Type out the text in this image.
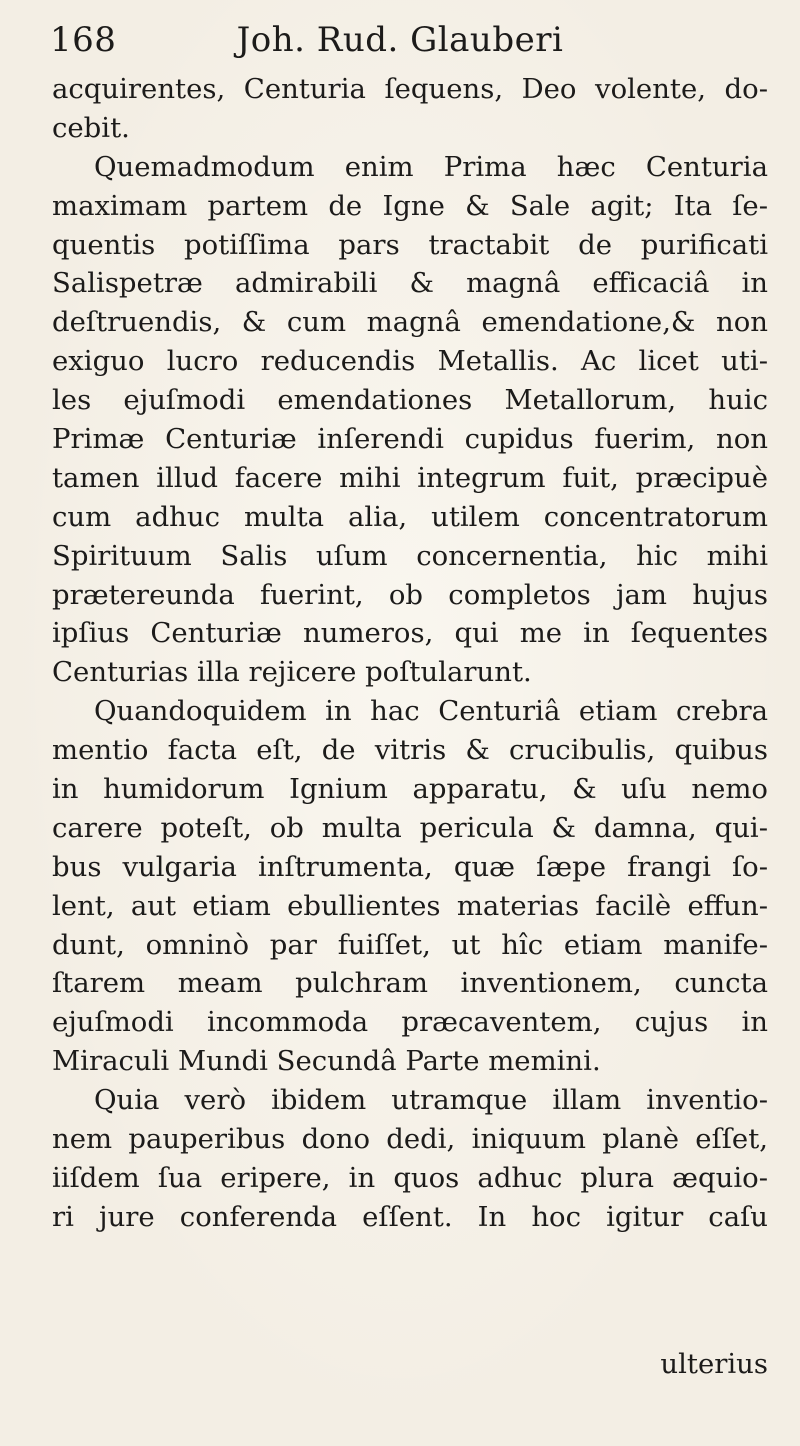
168	Joh. Rud. Glauberi
acquirentes, Centuria ſequens, Deo volente, do-
cebit.
Quemadmodum enim Prima hæc Centuria
maximam partem de Igne & Sale agit; Ita ſe-
quentis potiſſima pars tractabit de purificati
Salispetræ admirabili & magnâ efficaciâ in
deſtruendis, & cum magnâ emendatione,& non
exiguo lucro reducendis Metallis. Ac licet uti-
les ejuſmodi emendationes Metallorum, huic
Primæ Centuriæ inſerendi cupidus fuerim, non
tamen illud facere mihi integrum fuit, præcipuè
cum adhuc multa alia, utilem concentratorum
Spirituum Salis uſum concernentia, hic mihi
prætereunda fuerint, ob completos jam hujus
ipſius Centuriæ numeros, qui me in ſequentes
Centurias illa rejicere poſtularunt.
Quandoquidem in hac Centuriâ etiam crebra
mentio facta eſt, de vitris & crucibulis, quibus
in humidorum Ignium apparatu, & uſu nemo
carere poteſt, ob multa pericula & damna, qui-
bus vulgaria inſtrumenta, quæ ſæpe frangi ſo-
lent, aut etiam ebullientes materias facilè effun-
dunt, omninò par fuiſſet, ut hîc etiam manife-
ſtarem meam pulchram inventionem, cuncta
ejuſmodi incommoda præcaventem, cujus in
Miraculi Mundi Secundâ Parte memini.
Quia verò ibidem utramque illam inventio-
nem pauperibus dono dedi, iniquum planè eſſet,
iiſdem ſua eripere, in quos adhuc plura æquio-
ri jure conferenda eſſent. In hoc igitur caſu
ulterius
